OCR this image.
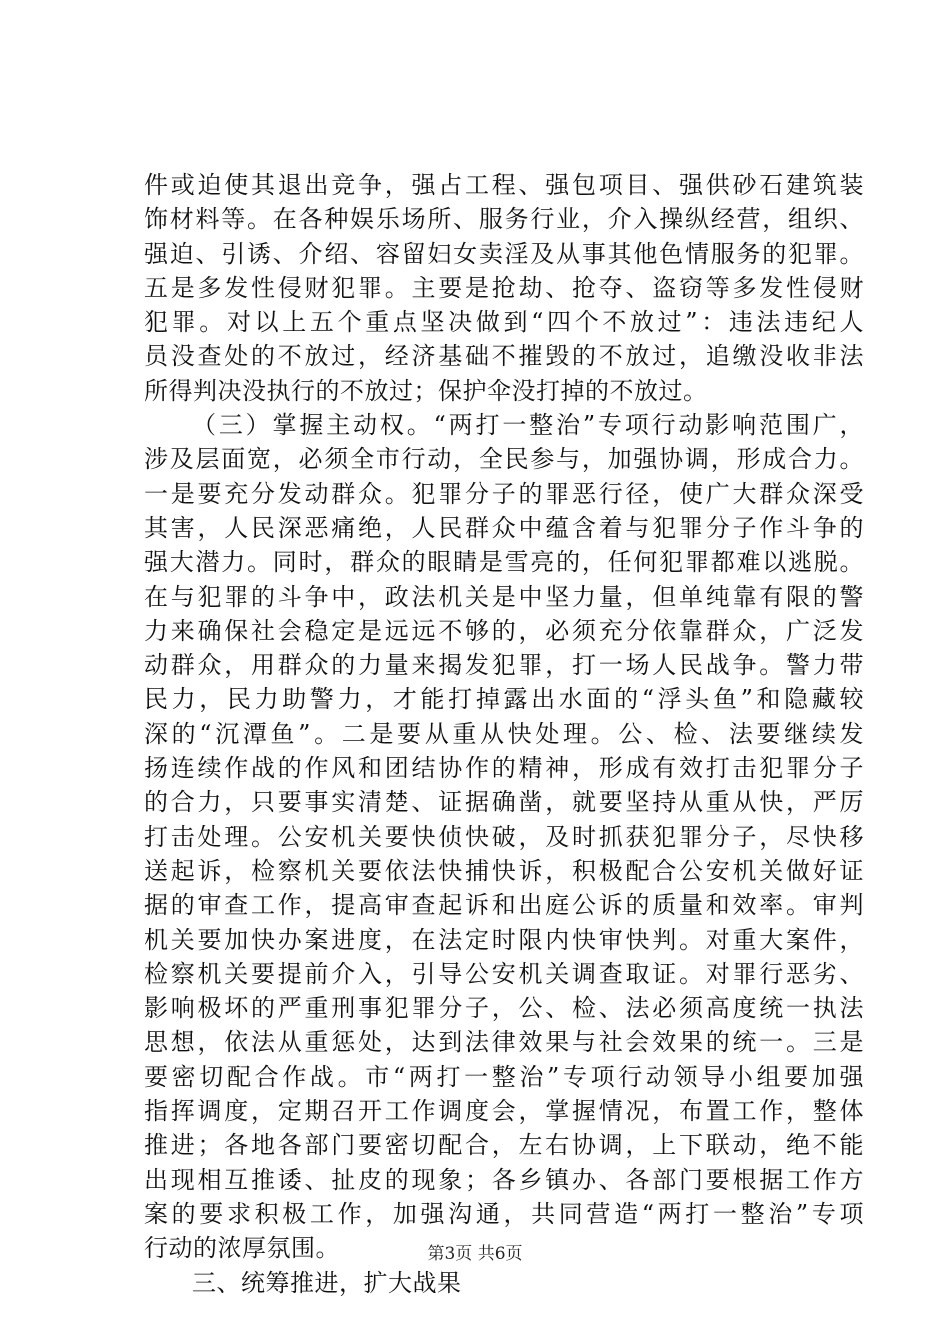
件或迫使其退出竞争，强占工程、强包项目、强供砂石建筑装
饰材料等。在各种娱乐场所、服务行业，介入操纵经营，组织、
强迫、引诱、介绍、容留妇女卖淫及从事其他色情服务的犯罪。
五是多发性侵财犯罪。主要是抢劫、抢夺、盗窃等多发性侵财
犯罪。对以上五个重点坚决做到“四个不放过”：违法违纪人
员没查处的不放过，经济基础不摧毁的不放过，追缴没收非法
所得判决没执行的不放过；保护伞没打掉的不放过。
（三）掌握主动权。“两打一整治”专项行动影响范围广，
涉及层面宽，必须全市行动，全民参与，加强协调，形成合力。
一是要充分发动群众。犯罪分子的罪恶行径，使广大群众深受
其害，人民深恶痛绝，人民群众中蕴含着与犯罪分子作斗争的
强大潜力。同时，群众的眼睛是雪亮的，任何犯罪都难以逃脱。
在与犯罪的斗争中，政法机关是中坚力量，但单纯靠有限的警
力来确保社会稳定是远远不够的，必须充分依靠群众，广泛发
动群众，用群众的力量来揭发犯罪，打一场人民战争。警力带
民力，民力助警力，才能打掉露出水面的“浮头鱼”和隐藏较
深的“沉潭鱼”。二是要从重从快处理。公、检、法要继续发
扬连续作战的作风和团结协作的精神，形成有效打击犯罪分子
的合力，只要事实清楚、证据确凿，就要坚持从重从快，严厉
打击处理。公安机关要快侦快破，及时抓获犯罪分子，尽快移
送起诉，检察机关要依法快捕快诉，积极配合公安机关做好证
据的审查工作，提高审查起诉和出庭公诉的质量和效率。审判
机关要加快办案进度，在法定时限内快审快判。对重大案件，
检察机关要提前介入，引导公安机关调查取证。对罪行恶劣、
影响极坏的严重刑事犯罪分子，公、检、法必须高度统一执法
思想，依法从重惩处，达到法律效果与社会效果的统一。三是
要密切配合作战。市“两打一整治”专项行动领导小组要加强
指挥调度，定期召开工作调度会，掌握情况，布置工作，整体
推进；各地各部门要密切配合，左右协调，上下联动，绝不能
出现相互推诿、扯皮的现象；各乡镇办、各部门要根据工作方
案的要求积极工作，加强沟通，共同营造“两打一整治”专项
行动的浓厚氛围。
三、统筹推进，扩大战果
第3页 共6页
